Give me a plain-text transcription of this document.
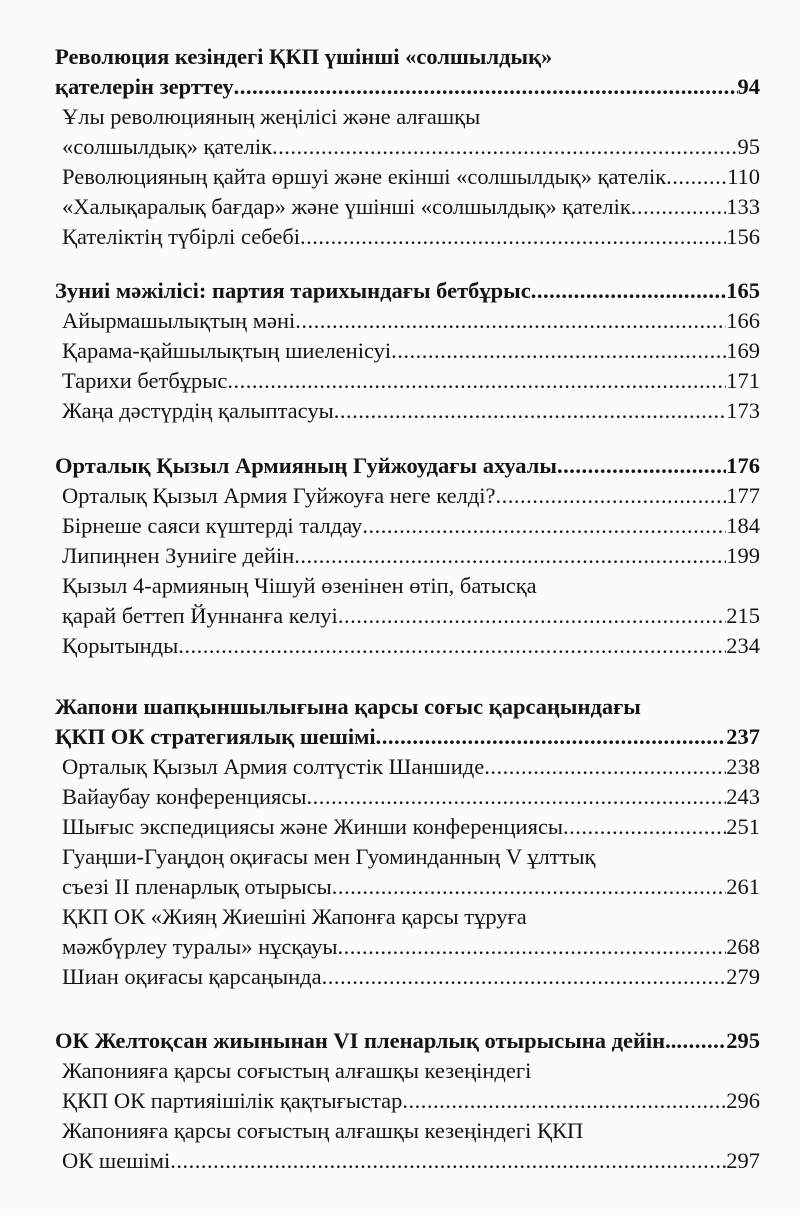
Революция кезіндегі ҚКП үшінші «солшылдық»
қателерін зерттеу .....	94
Ұлы революцияның жеңілісі және алғашқы
«солшылдық» қателік .....	95
Революцияның қайта өршуі және екінші «солшылдық» қателік .....	110
«Халықаралық бағдар» және үшінші «солшылдық» қателік .....	133
Қателіктің түбірлі себебі .....	156
Зуниі мәжілісі: партия тарихындағы бетбұрыс .....	165
Айырмашылықтың мәні .....	166
Қарама-қайшылықтың шиеленісуі .....	169
Тарихи бетбұрыс .....	171
Жаңа дәстүрдің қалыптасуы .....	173
Орталық Қызыл Армияның Гуйжоудағы ахуалы .....	176
Орталық Қызыл Армия Гуйжоуға неге келді? .....	177
Бірнеше саяси күштерді талдау .....	184
Липиңнен Зуниіге дейін .....	199
Қызыл 4-армияның Чішуй өзенінен өтіп, батысқа
қарай беттеп Йуннанға келуі .....	215
Қорытынды .....	234
Жапони шапқыншылығына қарсы соғыс қарсаңындағы
ҚКП ОК стратегиялық шешімі .....	237
Орталық Қызыл Армия солтүстік Шаншиде .....	238
Вайаубау конференциясы .....	243
Шығыс экспедициясы және Жинши конференциясы .....	251
Гуаңши-Гуаңдоң оқиғасы мен Гуоминданның V ұлттық
съезі II пленарлық отырысы .....	261
ҚКП ОК «Жияң Жиешіні Жапонға қарсы тұруға
мәжбүрлеу туралы» нұсқауы .....	268
Шиан оқиғасы қарсаңында .....	279
ОК Желтоқсан жиынынан VI пленарлық отырысына дейін.. ..... 295
Жапонияға қарсы соғыстың алғашқы кезеңіндегі
ҚКП ОК партияішілік қақтығыстар .....	296
Жапонияға қарсы соғыстың алғашқы кезеңіндегі ҚКП
ОК шешімі .....	297
